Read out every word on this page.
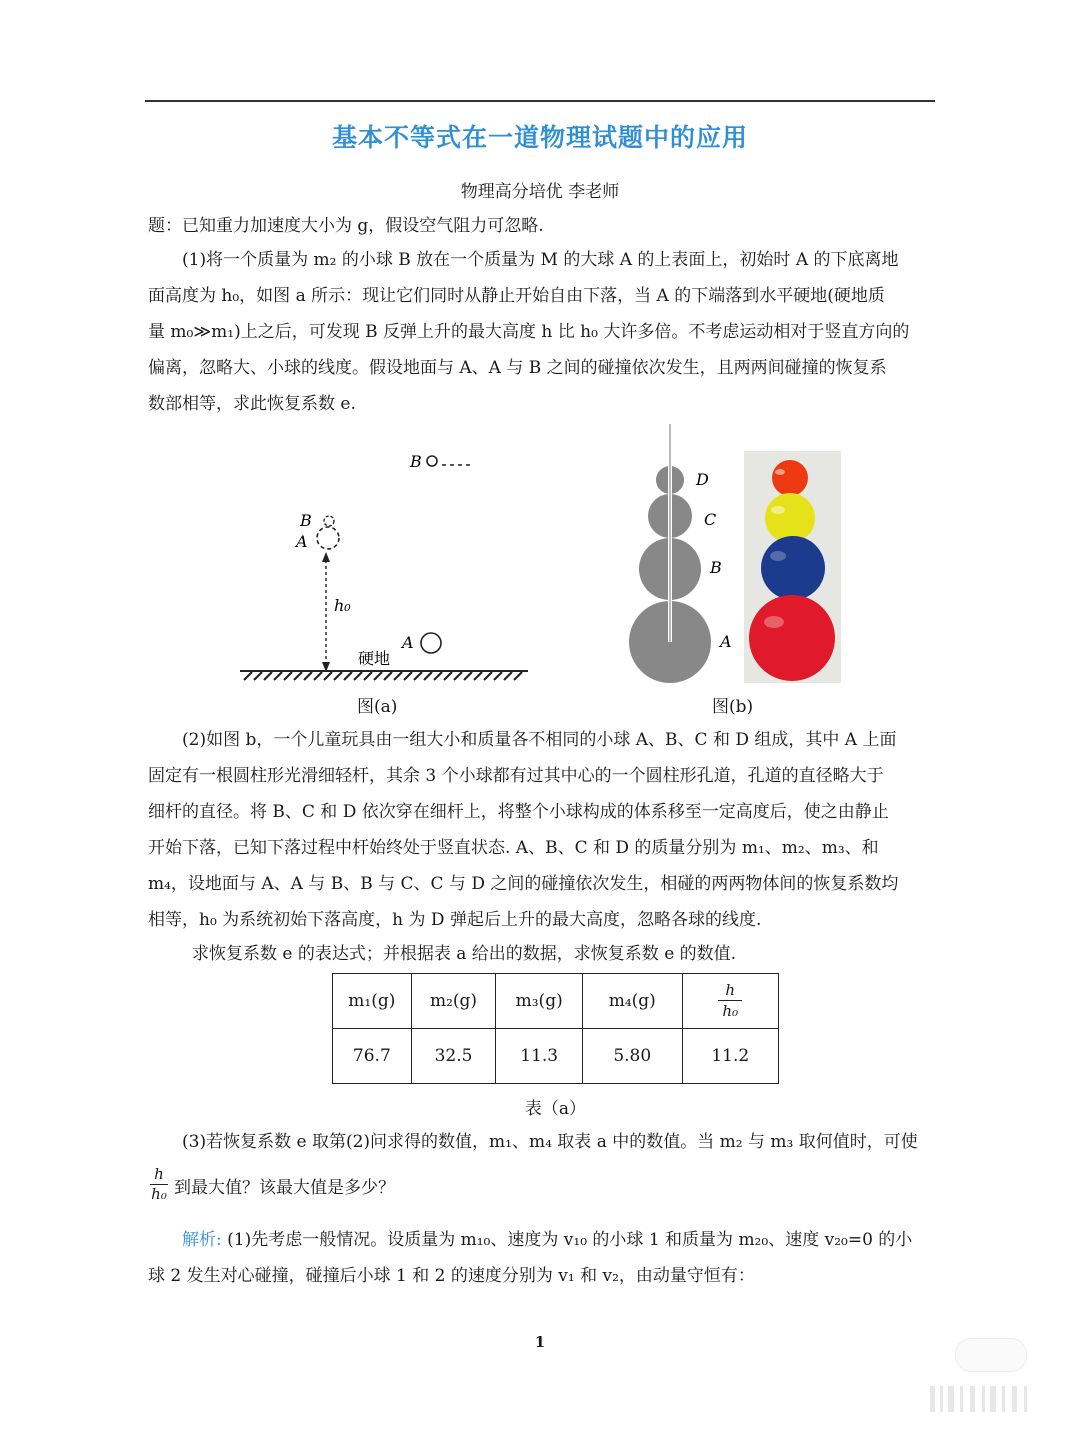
基本不等式在一道物理试题中的应用
物理高分培优 李老师

题：已知重力加速度大小为 g，假设空气阻力可忽略.

(1)将一个质量为 m₂ 的小球 B 放在一个质量为 M 的大球 A 的上表面上，初始时 A 的下底离地

面高度为 h₀，如图 a 所示：现让它们同时从静止开始自由下落，当 A 的下端落到水平硬地(硬地质

量 m₀≫m₁)上之后，可发现 B 反弹上升的最大高度 h 比 h₀ 大许多倍。不考虑运动相对于竖直方向的

偏离，忽略大、小球的线度。假设地面与 A、A 与 B 之间的碰撞依次发生，且两两间碰撞的恢复系

数部相等，求此恢复系数 e.

B
B
A
h₀
A
硬地
图(a)
D
C
B
A
图(b)

(2)如图 b，一个儿童玩具由一组大小和质量各不相同的小球 A、B、C 和 D 组成，其中 A 上面

固定有一根圆柱形光滑细轻杆，其余 3 个小球都有过其中心的一个圆柱形孔道，孔道的直径略大于

细杆的直径。将 B、C 和 D 依次穿在细杆上，将整个小球构成的体系移至一定高度后，使之由静止

开始下落，已知下落过程中杆始终处于竖直状态. A、B、C 和 D 的质量分别为 m₁、m₂、m₃、和

m₄，设地面与 A、A 与 B、B 与 C、C 与 D 之间的碰撞依次发生，相碰的两两物体间的恢复系数均

相等，h₀ 为系统初始下落高度，h 为 D 弹起后上升的最大高度，忽略各球的线度.

求恢复系数 e 的表达式；并根据表 a 给出的数据，求恢复系数 e 的数值.

m₁(g)	m₂(g)	m₃(g)	m₄(g)	$\frac{h}{\text{h₀}}$

76.7	32.5	11.3	5.80	11.2
表（a）

(3)若恢复系数 e 取第(2)问求得的数值，m₁、m₄ 取表 a 中的数值。当 m₂ 与 m₃ 取何值时，可使

h
h₀ 到最大值？该最大值是多少？

解析: (1)先考虑一般情况。设质量为 m₁₀、速度为 v₁₀ 的小球 1 和质量为 m₂₀、速度 v₂₀=0 的小

球 2 发生对心碰撞，碰撞后小球 1 和 2 的速度分别为 v₁ 和 v₂，由动量守恒有：

1
